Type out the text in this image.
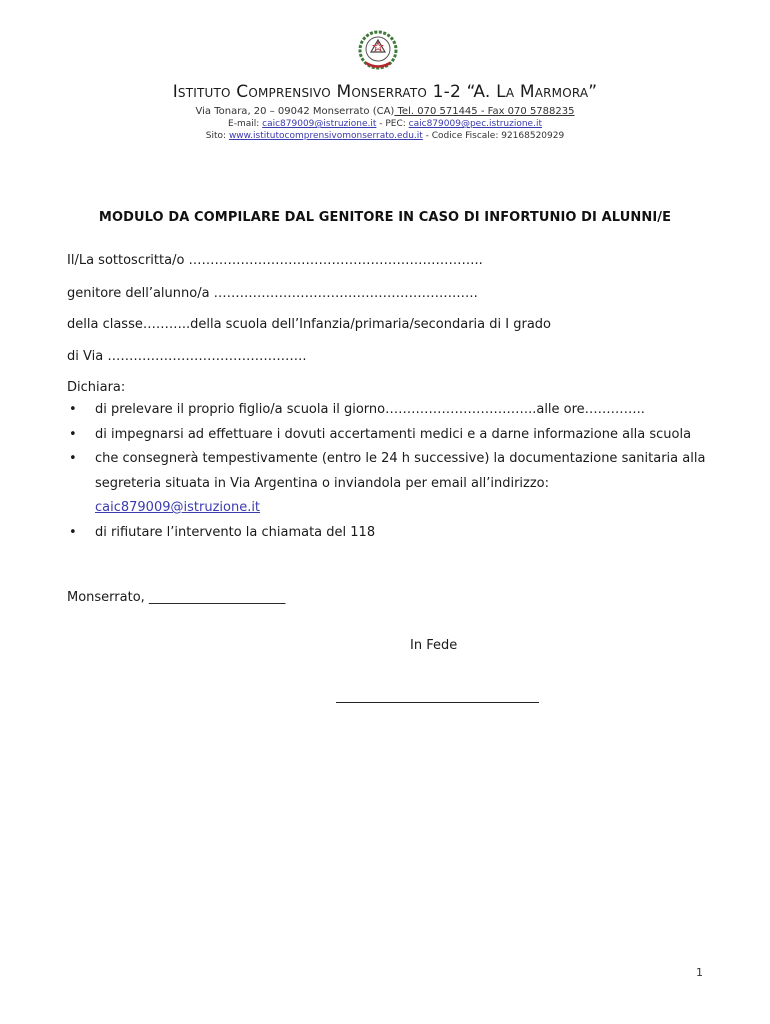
Istituto Comprensivo Monserrato 1-2 “A. La Marmora”
Via Tonara, 20 – 09042 Monserrato (CA) Tel. 070 571445 - Fax 070 5788235
E-mail: caic879009@istruzione.it - PEC: caic879009@pec.istruzione.it
Sito: www.istitutocomprensivomonserrato.edu.it - Codice Fiscale: 92168520929
MODULO DA COMPILARE DAL GENITORE IN CASO DI INFORTUNIO DI ALUNNI/E
Il/La sottoscritta/o …………………………………………………………..
genitore dell’alunno/a …………………………………………………….
della classe………..della scuola dell’Infanzia/primaria/secondaria di I grado
di Via ……………………………………….
Dichiara:
• di prelevare il proprio figlio/a scuola il giorno……………………………..alle ore…………..
• di impegnarsi ad effettuare i dovuti accertamenti medici e a darne informazione alla scuola
• che consegnerà tempestivamente (entro le 24 h successive) la documentazione sanitaria alla segreteria situata in Via Argentina o inviandola per email all’indirizzo:
caic879009@istruzione.it
• di rifiutare l’intervento la chiamata del 118
Monserrato, _____________________
In Fede
1
